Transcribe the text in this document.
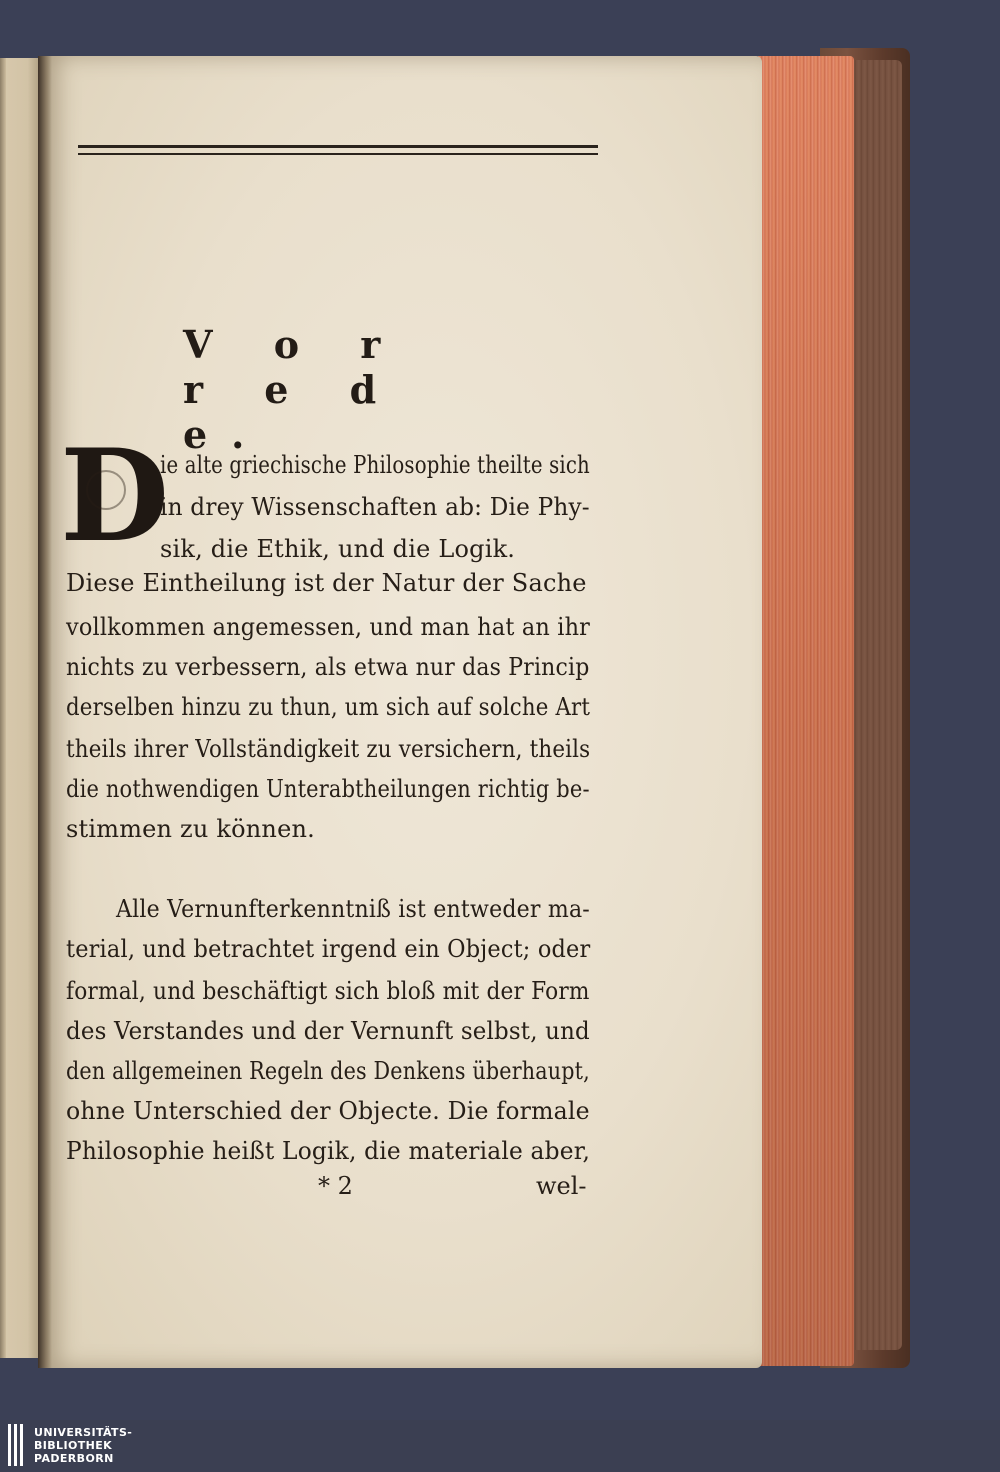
V o r r e d e.
D
ie alte griechische Philosophie theilte sich
in drey Wissenschaften ab: Die Phy-
sik, die Ethik, und die Logik.
Diese Eintheilung ist der Natur der Sache
vollkommen angemessen, und man hat an ihr
nichts zu verbessern, als etwa nur das Princip
derselben hinzu zu thun, um sich auf solche Art
theils ihrer Vollständigkeit zu versichern, theils
die nothwendigen Unterabtheilungen richtig be-
stimmen zu können.
Alle Vernunfterkenntniß ist entweder ma-
terial, und betrachtet irgend ein Object; oder
formal, und beschäftigt sich bloß mit der Form
des Verstandes und der Vernunft selbst, und
den allgemeinen Regeln des Denkens überhaupt,
ohne Unterschied der Objecte. Die formale
Philosophie heißt Logik, die materiale aber,
* 2	wel-
UNIVERSITÄTS-
BIBLIOTHEK
PADERBORN
